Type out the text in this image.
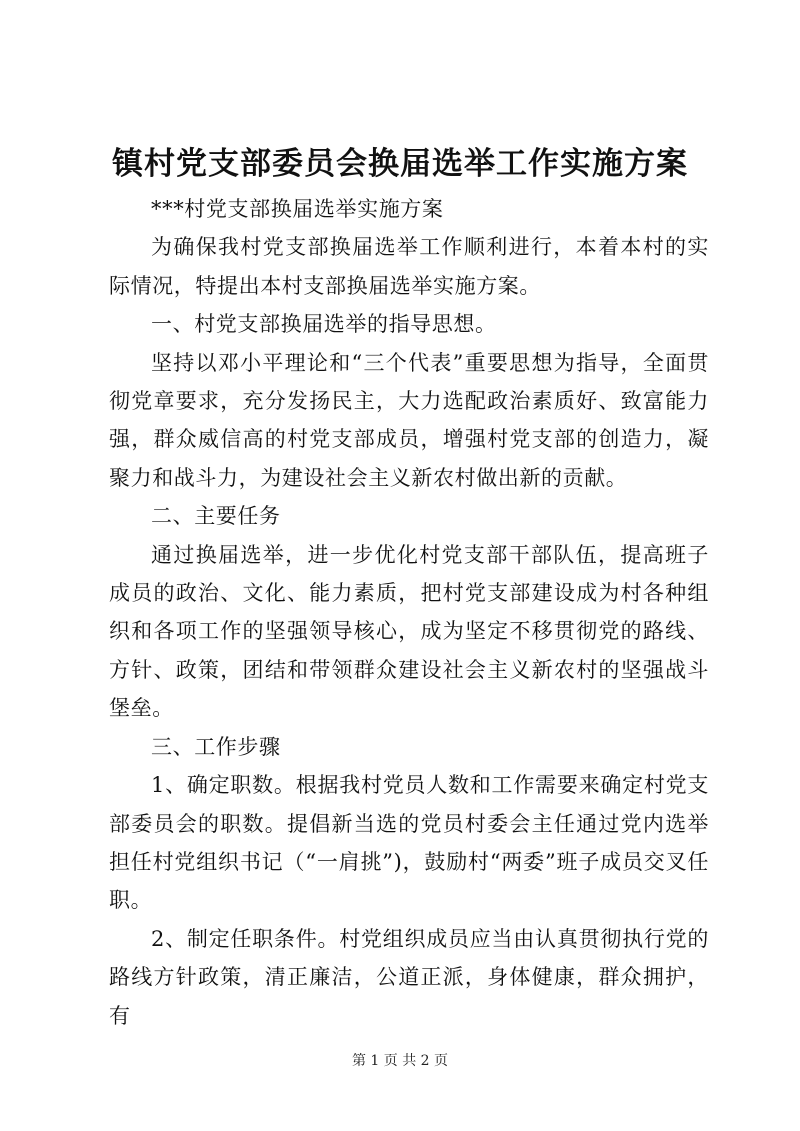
镇村党支部委员会换届选举工作实施方案

***村党支部换届选举实施方案

为确保我村党支部换届选举工作顺利进行，本着本村的实际情况，特提出本村支部换届选举实施方案。

一、村党支部换届选举的指导思想。

坚持以邓小平理论和“三个代表”重要思想为指导，全面贯彻党章要求，充分发扬民主，大力选配政治素质好、致富能力强，群众威信高的村党支部成员，增强村党支部的创造力，凝聚力和战斗力，为建设社会主义新农村做出新的贡献。

二、主要任务

通过换届选举，进一步优化村党支部干部队伍，提高班子成员的政治、文化、能力素质，把村党支部建设成为村各种组织和各项工作的坚强领导核心，成为坚定不移贯彻党的路线、方针、政策，团结和带领群众建设社会主义新农村的坚强战斗堡垒。

三、工作步骤

1、确定职数。根据我村党员人数和工作需要来确定村党支部委员会的职数。提倡新当选的党员村委会主任通过党内选举担任村党组织书记（“一肩挑”)，鼓励村“两委”班子成员交叉任职。

2、制定任职条件。村党组织成员应当由认真贯彻执行党的路线方针政策，清正廉洁，公道正派，身体健康，群众拥护，有

第 1 页 共 2 页
